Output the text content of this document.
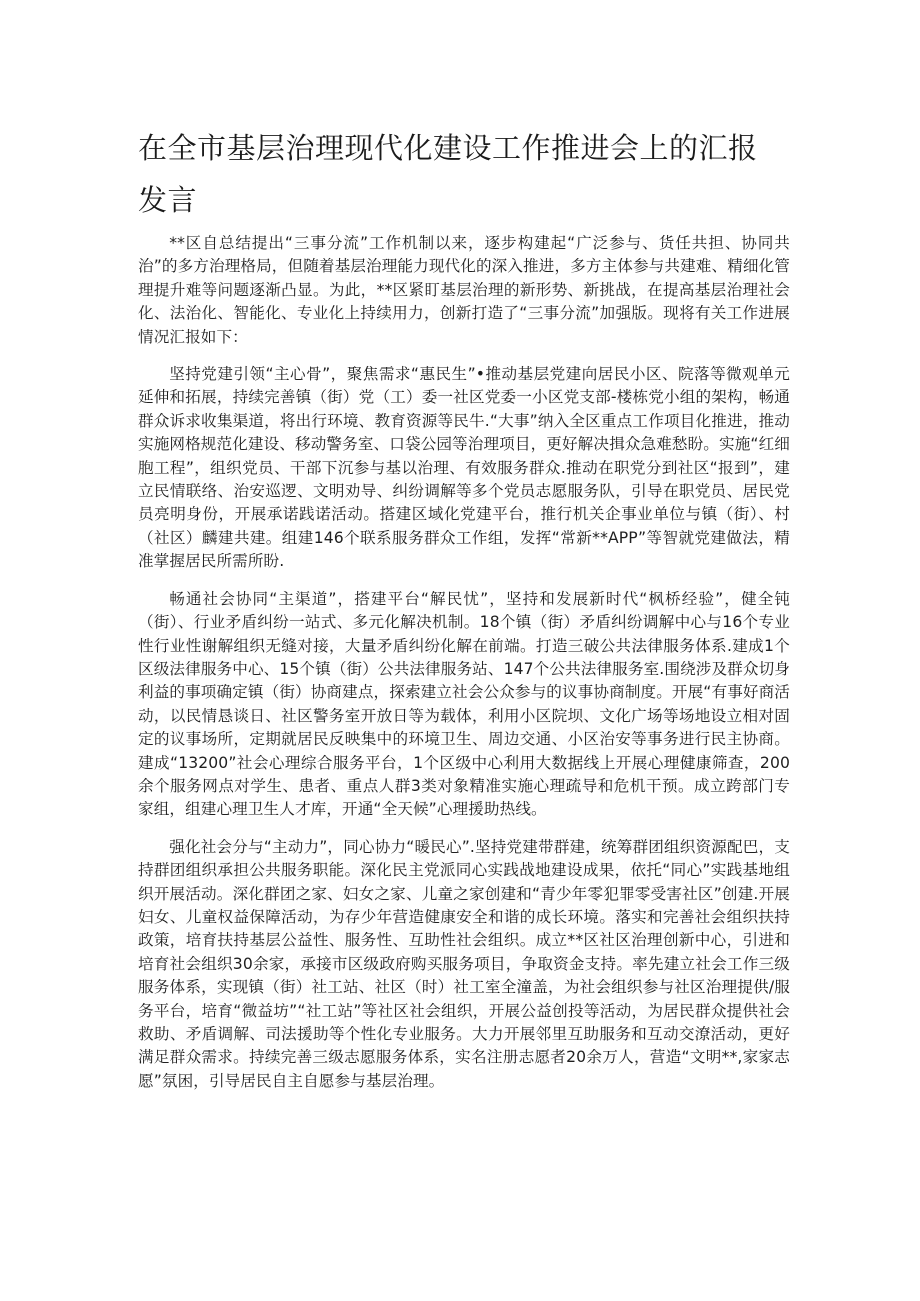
在全市基层治理现代化建设工作推进会上的汇报发言

**区自总结提出“三事分流”工作机制以来，逐步构建起“广泛参与、货任共担、协同共治”的多方治理格局，但随着基层治理能力现代化的深入推进，多方主体参与共建难、精细化管理提升难等问题逐渐凸显。为此，**区紧盯基层治理的新形势、新挑战，在提高基层治理社会化、法治化、智能化、专业化上持续用力，创新打造了“三事分流”加强版。现将有关工作进展情况汇报如下：

坚持党建引领“主心骨”，聚焦需求“惠民生”•推动基层党建向居民小区、院落等微观单元延伸和拓展，持续完善镇（街）党（工）委一社区党委一小区党支部-楼栋党小组的架构，畅通群众诉求收集渠道，将出行环境、教育资源等民牛.“大事”纳入全区重点工作项目化推进，推动实施网格规范化建设、移动警务室、口袋公园等治理项目，更好解决揖众急难愁盼。实施“红细胞工程”，组织党员、干部下沉参与基以治理、有效服务群众.推动在职党分到社区“报到”，建立民情联络、治安巡逻、文明劝导、纠纷调解等多个党员志愿服务队，引导在职党员、居民党员亮明身份，开展承诺践诺活动。搭建区域化党建平台，推行机关企事业单位与镇（街）、村（社区）麟建共建。组建146个联系服务群众工作组，发挥“常新**APP”等智就党建做法，精准掌握居民所需所盼.

畅通社会协同“主渠道”，搭建平台“解民忧”，坚持和发展新时代“枫桥经验”，健全钝（街）、行业矛盾纠纷一站式、多元化解决机制。18个镇（街）矛盾纠纷调解中心与16个专业性行业性谢解组织无缝对接，大量矛盾纠纷化解在前端。打造三破公共法律服务体系.建成1个区级法律服务中心、15个镇（街）公共法律服务站、147个公共法律服务室.围绕涉及群众切身利益的事项确定镇（街）协商建点，探索建立社会公众参与的议事协商制度。开展“有事好商活动，以民情恳谈日、社区警务室开放日等为载体，利用小区院坝、文化广场等场地设立相对固定的议事场所，定期就居民反映集中的环境卫生、周边交通、小区治安等事务进行民主协商。建成“13200”社会心理综合服务平台，1个区级中心利用大数据线上开展心理健康筛查，200余个服务网点对学生、患者、重点人群3类对象精准实施心理疏导和危机干预。成立跨部门专家组，组建心理卫生人才库，开通“全天候”心理援助热线。

强化社会分与“主动力”，同心协力“暖民心”.坚持党建带群建，统筹群团组织资源配巴，支持群团组织承担公共服务职能。深化民主党派同心实践战地建设成果，依托“同心”实践基地组织开展活动。深化群团之家、妇女之家、儿童之家创建和“青少年零犯罪零受害社区”创建.开展妇女、儿童权益保障活动，为存少年营造健康安全和谐的成长环境。落实和完善社会组织扶持政策，培育扶持基层公益性、服务性、互助性社会组织。成立**区社区治理创新中心，引进和培育社会组织30余家，承接市区级政府购买服务项目，争取资金支持。率先建立社会工作三级服务体系，实现镇（街）社工站、社区（时）社工室全潼盖，为社会组织参与社区治理提供/服务平台，培育“微益坊”“社工站”等社区社会组织，开展公益创投等活动，为居民群众提供社会救助、矛盾调解、司法援助等个性化专业服务。大力开展邻里互助服务和互动交潦活动，更好满足群众需求。持续完善三级志愿服务体系，实名注册志愿者20余万人，营造“文明**,家家志愿”氛困，引导居民自主自愿参与基层治理。
